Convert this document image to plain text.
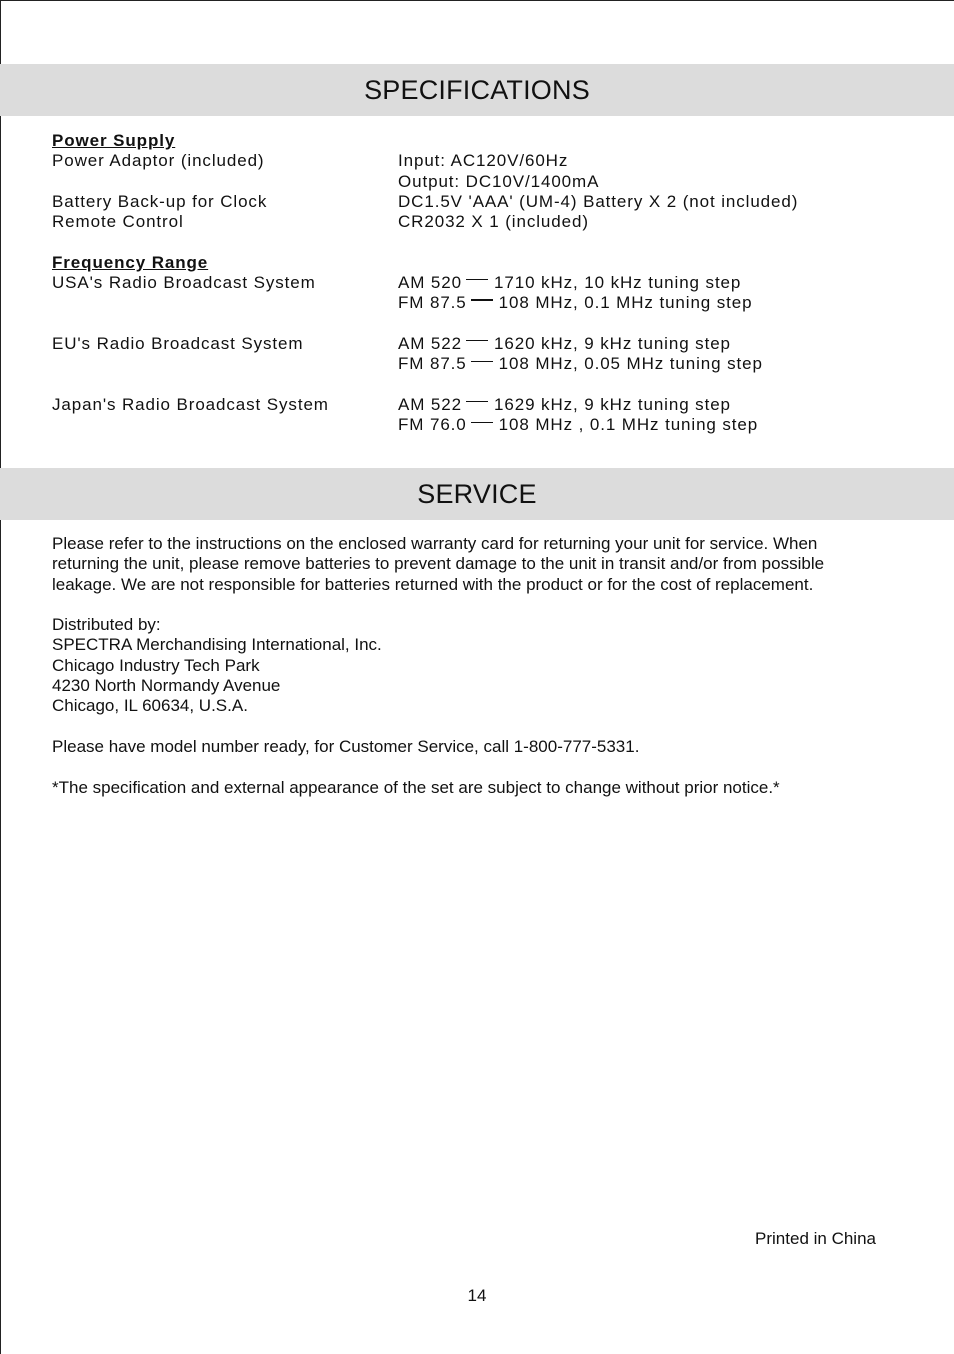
SPECIFICATIONS
Power Supply
Power Adaptor (included)	Input: AC120V/60Hz
Output: DC10V/1400mA
Battery Back-up for Clock	DC1.5V 'AAA' (UM-4) Battery X 2 (not included)
Remote Control	CR2032 X 1 (included)
Frequency Range
USA's Radio Broadcast System	AM 520 1710 kHz, 10 kHz tuning step
FM 87.5 108 MHz, 0.1 MHz tuning step
EU's Radio Broadcast System	AM 522 1620 kHz, 9 kHz tuning step
FM 87.5 108 MHz, 0.05 MHz tuning step
Japan's Radio Broadcast System	AM 522 1629 kHz, 9 kHz tuning step
FM 76.0 108 MHz , 0.1 MHz tuning step
SERVICE

Please refer to the instructions on the enclosed warranty card for returning your unit for service. When

returning the unit, please remove batteries to prevent damage to the unit in transit and/or from possible

leakage. We are not responsible for batteries returned with the product or for the cost of replacement.

Distributed by:

SPECTRA Merchandising International, Inc.

Chicago Industry Tech Park

4230 North Normandy Avenue

Chicago, IL 60634, U.S.A.

Please have model number ready, for Customer Service, call 1-800-777-5331.

*The specification and external appearance of the set are subject to change without prior notice.*

Printed in China
14
